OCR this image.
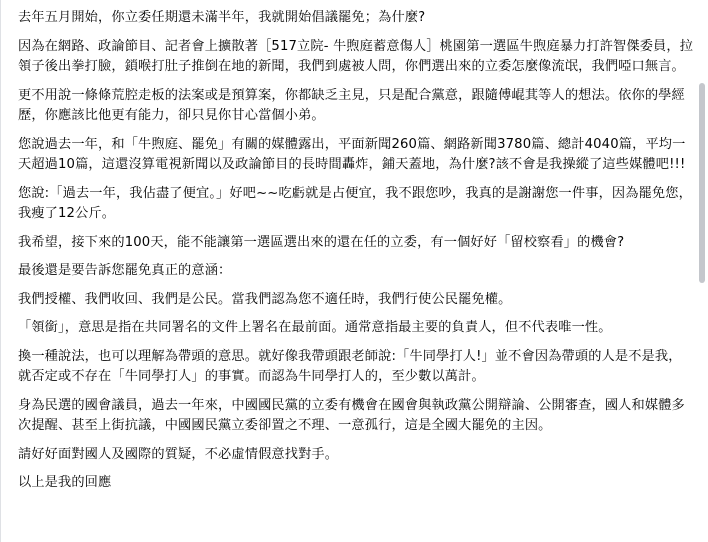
去年五月開始，你立委任期還未滿半年，我就開始倡議罷免；為什麼?

因為在網路、政論節目、記者會上擴散著［517立院- 牛煦庭蓄意傷人］桃園第一選區牛煦庭暴力打許智傑委員，拉領子後出拳打臉，鎖喉打肚子推倒在地的新聞，我們到處被人問，你們選出來的立委怎麼像流氓，我們啞口無言。

更不用說一條條荒腔走板的法案或是預算案，你都缺乏主見，只是配合黨意，跟隨傅崐萁等人的想法。依你的學經歷，你應該比他更有能力，卻只見你甘心當個小弟。

您說過去一年，和「牛煦庭、罷免」有關的媒體露出，平面新聞260篇、網路新聞3780篇、總計4040篇，平均一天超過10篇，這還沒算電視新聞以及政論節目的長時間轟炸，鋪天蓋地，為什麼?該不會是我操縱了這些媒體吧!!!

您說:「過去一年，我佔盡了便宜。」好吧~~吃虧就是占便宜，我不跟您吵，我真的是謝謝您一件事，因為罷免您，我瘦了12公斤。

我希望，接下來的100天，能不能讓第一選區選出來的還在任的立委，有一個好好「留校察看」的機會?

最後還是要告訴您罷免真正的意涵：

我們授權、我們收回、我們是公民。當我們認為您不適任時，我們行使公民罷免權。

「領銜」，意思是指在共同署名的文件上署名在最前面。通常意指最主要的負責人，但不代表唯一性。

換一種說法，也可以理解為帶頭的意思。就好像我帶頭跟老師說:「牛同學打人!」並不會因為帶頭的人是不是我，就否定或不存在「牛同學打人」的事實。而認為牛同學打人的，至少數以萬計。

身為民選的國會議員，過去一年來，中國國民黨的立委有機會在國會與執政黨公開辯論、公開審查，國人和媒體多次提醒、甚至上街抗議，中國國民黨立委卻置之不理、一意孤行，這是全國大罷免的主因。

請好好面對國人及國際的質疑，不必虛情假意找對手。

以上是我的回應
